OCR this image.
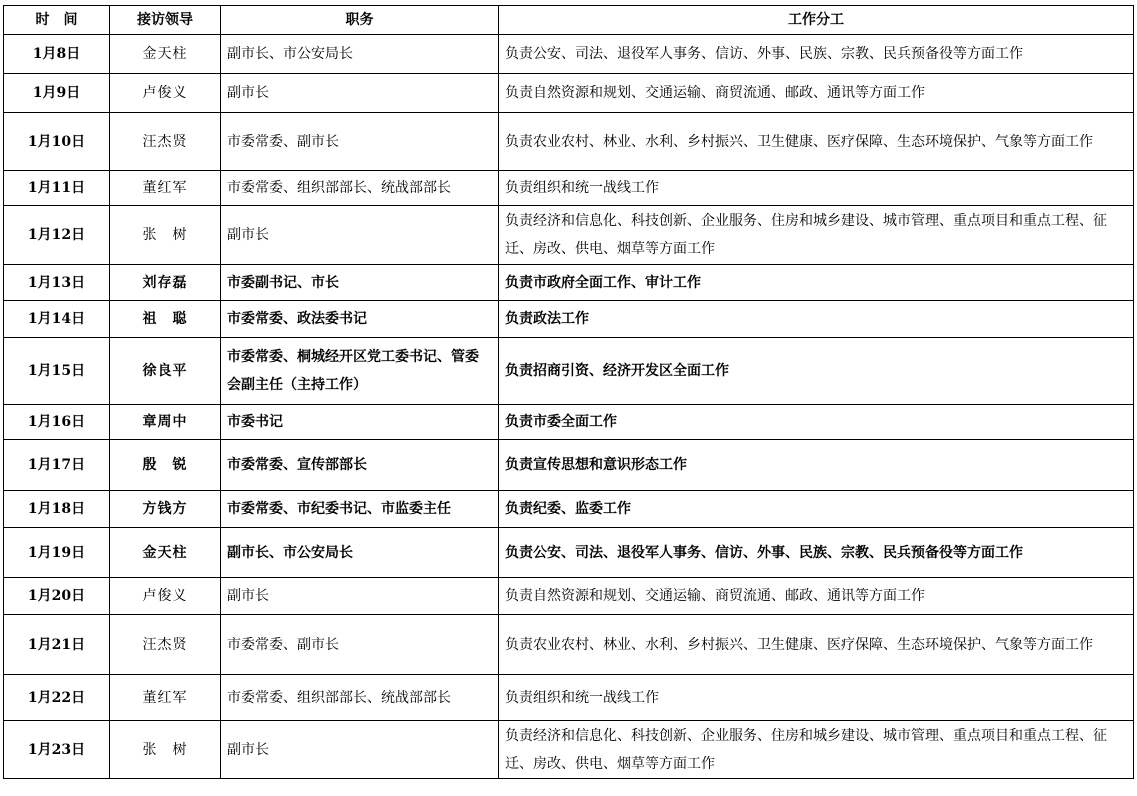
时　间	接访领导	职务	工作分工
1月8日	金天柱	副市长、市公安局长	负责公安、司法、退役军人事务、信访、外事、民族、宗教、民兵预备役等方面工作
1月9日	卢俊义	副市长	负责自然资源和规划、交通运输、商贸流通、邮政、通讯等方面工作
1月10日	汪杰贤	市委常委、副市长	负责农业农村、林业、水利、乡村振兴、卫生健康、医疗保障、生态环境保护、气象等方面工作
1月11日	董红军	市委常委、组织部部长、统战部部长	负责组织和统一战线工作
1月12日	张　树	副市长	负责经济和信息化、科技创新、企业服务、住房和城乡建设、城市管理、重点项目和重点工程、征迁、房改、供电、烟草等方面工作
1月13日	刘存磊	市委副书记、市长	负责市政府全面工作、审计工作
1月14日	祖　聪	市委常委、政法委书记	负责政法工作
1月15日	徐良平	市委常委、桐城经开区党工委书记、管委会副主任（主持工作）	负责招商引资、经济开发区全面工作
1月16日	章周中	市委书记	负责市委全面工作
1月17日	殷　锐	市委常委、宣传部部长	负责宣传思想和意识形态工作
1月18日	方钱方	市委常委、市纪委书记、市监委主任	负责纪委、监委工作
1月19日	金天柱	副市长、市公安局长	负责公安、司法、退役军人事务、信访、外事、民族、宗教、民兵预备役等方面工作
1月20日	卢俊义	副市长	负责自然资源和规划、交通运输、商贸流通、邮政、通讯等方面工作
1月21日	汪杰贤	市委常委、副市长	负责农业农村、林业、水利、乡村振兴、卫生健康、医疗保障、生态环境保护、气象等方面工作
1月22日	董红军	市委常委、组织部部长、统战部部长	负责组织和统一战线工作
1月23日	张　树	副市长	负责经济和信息化、科技创新、企业服务、住房和城乡建设、城市管理、重点项目和重点工程、征迁、房改、供电、烟草等方面工作
